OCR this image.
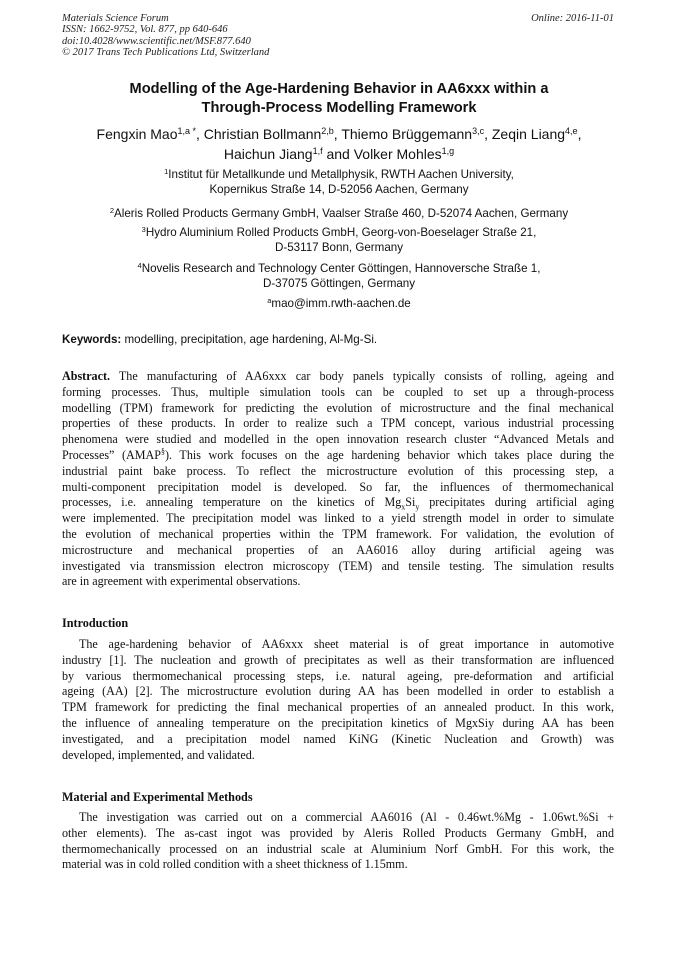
Materials Science Forum
ISSN: 1662-9752, Vol. 877, pp 640-646
doi:10.4028/www.scientific.net/MSF.877.640
© 2017 Trans Tech Publications Ltd, Switzerland
Online: 2016-11-01
Modelling of the Age-Hardening Behavior in AA6xxx within a
Through-Process Modelling Framework
Fengxin Mao$^{1,a *}$, Christian Bollmann$^{2,b}$, Thiemo Brüggemann$^{3,c}$, Zeqin Liang$^{4,e}$,
Haichun Jiang$^{1,f}$ and Volker Mohles$^{1,g}$
$^1$Institut für Metallkunde und Metallphysik, RWTH Aachen University,
Kopernikus Straße 14, D-52056 Aachen, Germany
$^2$Aleris Rolled Products Germany GmbH, Vaalser Straße 460, D-52074 Aachen, Germany
$^3$Hydro Aluminium Rolled Products GmbH, Georg-von-Boeselager Straße 21,
D-53117 Bonn, Germany
$^4$Novelis Research and Technology Center Göttingen, Hannoversche Straße 1,
D-37075 Göttingen, Germany
$^a$mao@imm.rwth-aachen.de
Keywords: modelling, precipitation, age hardening, Al-Mg-Si.
Abstract. The manufacturing of AA6xxx car body panels typically consists of rolling, ageing and
forming processes. Thus, multiple simulation tools can be coupled to set up a through-process
modelling (TPM) framework for predicting the evolution of microstructure and the final mechanical
properties of these products. In order to realize such a TPM concept, various industrial processing
phenomena were studied and modelled in the open innovation research cluster “Advanced Metals and
Processes” (AMAP§). This work focuses on the age hardening behavior which takes place during the
industrial paint bake process. To reflect the microstructure evolution of this processing step, a
multi-component precipitation model is developed. So far, the influences of thermomechanical
processes, i.e. annealing temperature on the kinetics of $Mg_xSi_y$ precipitates during artificial aging
were implemented. The precipitation model was linked to a yield strength model in order to simulate
the evolution of mechanical properties within the TPM framework. For validation, the evolution of
microstructure and mechanical properties of an AA6016 alloy during artificial ageing was
investigated via transmission electron microscopy (TEM) and tensile testing. The simulation results
are in agreement with experimental observations.
Introduction
The age-hardening behavior of AA6xxx sheet material is of great importance in automotive
industry [1]. The nucleation and growth of precipitates as well as their transformation are influenced
by various thermomechanical processing steps, i.e. natural ageing, pre-deformation and artificial
ageing (AA) [2]. The microstructure evolution during AA has been modelled in order to establish a
TPM framework for predicting the final mechanical properties of an annealed product. In this work,
the influence of annealing temperature on the precipitation kinetics of MgxSiy during AA has been
investigated, and a precipitation model named KiNG (Kinetic Nucleation and Growth) was
developed, implemented, and validated.
Material and Experimental Methods
The investigation was carried out on a commercial AA6016 (Al - 0.46wt.%Mg - 1.06wt.%Si +
other elements). The as-cast ingot was provided by Aleris Rolled Products Germany GmbH, and
thermomechanically processed on an industrial scale at Aluminium Norf GmbH. For this work, the
material was in cold rolled condition with a sheet thickness of 1.15mm.
